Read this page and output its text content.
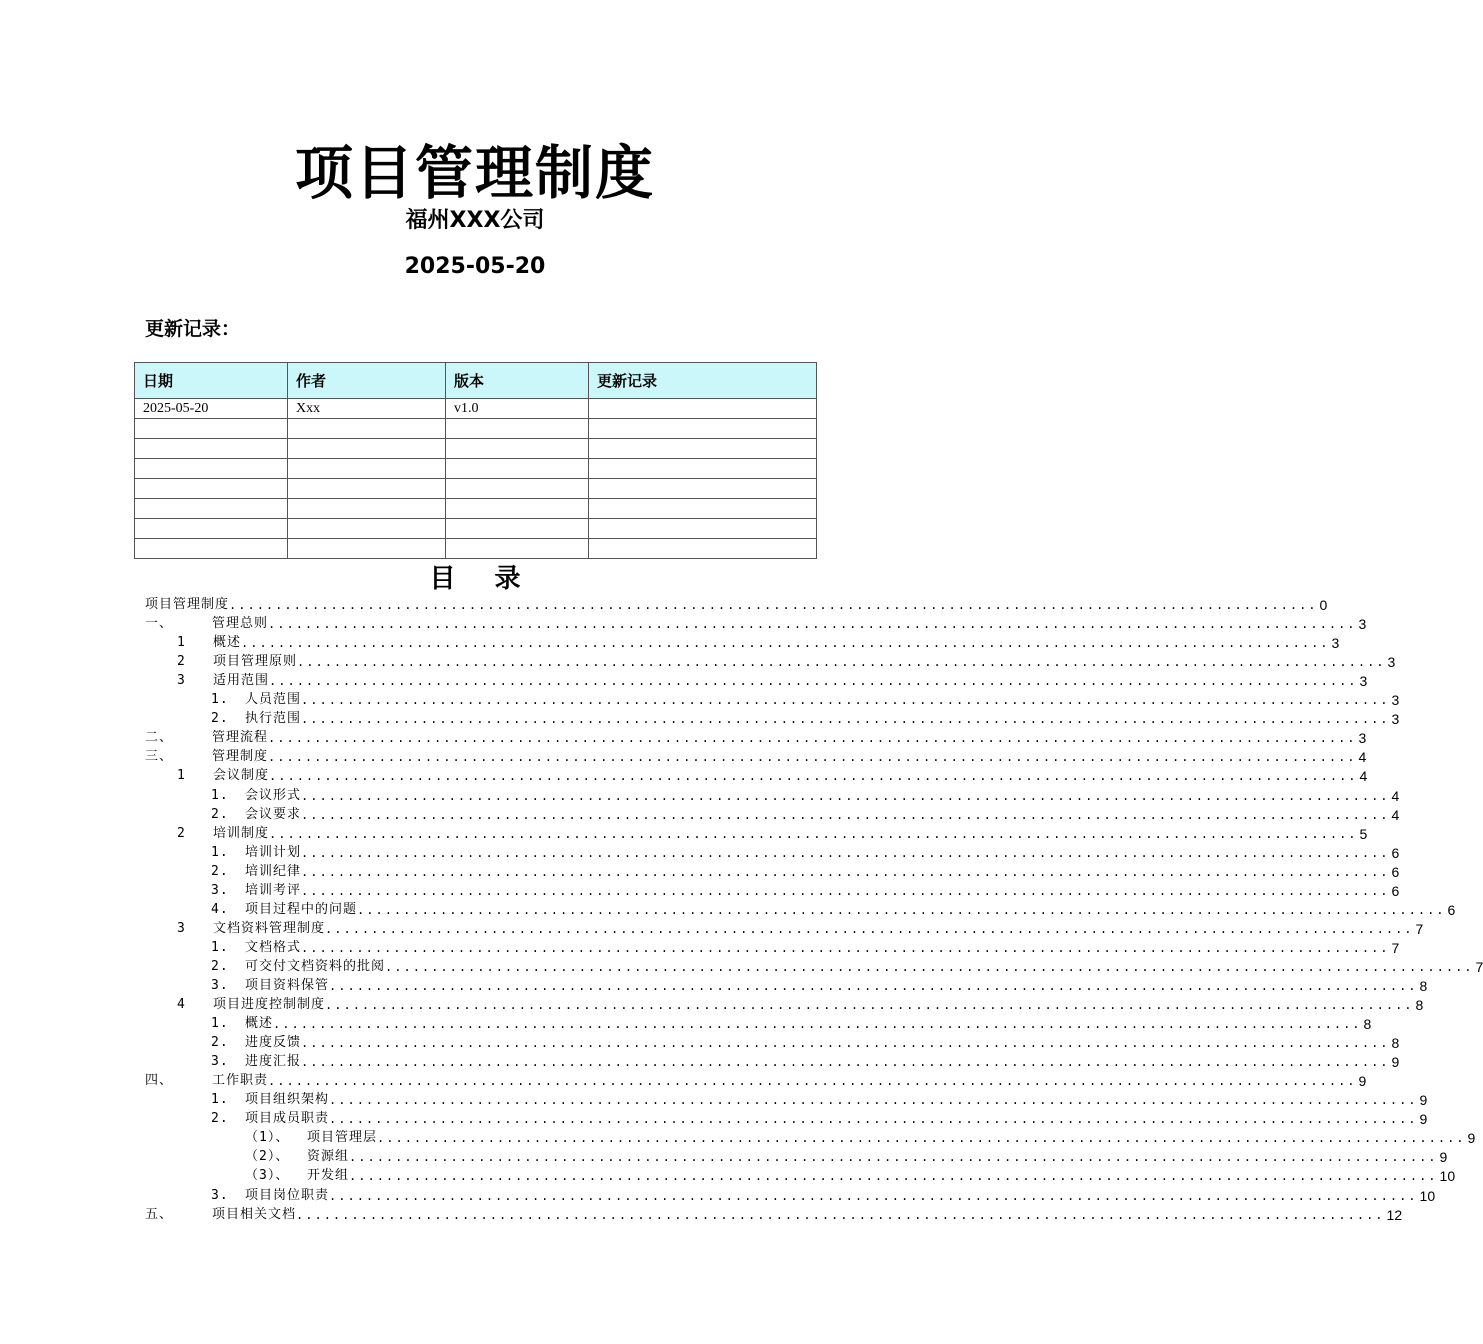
项目管理制度
福州XXX公司
2025-05-20
更新记录：
日期	作者	版本	更新记录
2025-05-20	Xxx	v1.0	

目 录
项目管理制度 ...................................................................................................................... 0
一、	管理总则 ...................................................................................................................... 3
1	概述 ...................................................................................................................... 3
2	项目管理原则 ...................................................................................................................... 3
3	适用范围 ...................................................................................................................... 3
1.	人员范围 ...................................................................................................................... 3
2.	执行范围 ...................................................................................................................... 3
二、	管理流程 ...................................................................................................................... 3
三、	管理制度 ...................................................................................................................... 4
1	会议制度 ...................................................................................................................... 4
1.	会议形式 ...................................................................................................................... 4
2.	会议要求 ...................................................................................................................... 4
2	培训制度 ...................................................................................................................... 5
1.	培训计划 ...................................................................................................................... 6
2.	培训纪律 ...................................................................................................................... 6
3.	培训考评 ...................................................................................................................... 6
4.	项目过程中的问题 ...................................................................................................................... 6
3	文档资料管理制度 ...................................................................................................................... 7
1.	文档格式 ...................................................................................................................... 7
2.	可交付文档资料的批阅 ...................................................................................................................... 7
3.	项目资料保管 ...................................................................................................................... 8
4	项目进度控制制度 ...................................................................................................................... 8
1.	概述 ...................................................................................................................... 8
2.	进度反馈 ...................................................................................................................... 8
3.	进度汇报 ...................................................................................................................... 9
四、	工作职责 ...................................................................................................................... 9
1.	项目组织架构 ...................................................................................................................... 9
2.	项目成员职责 ...................................................................................................................... 9
（1）、	项目管理层 ...................................................................................................................... 9
（2）、	资源组 ...................................................................................................................... 9
（3）、	开发组 ...................................................................................................................... 10
3.	项目岗位职责 ...................................................................................................................... 10
五、	项目相关文档 ...................................................................................................................... 12
